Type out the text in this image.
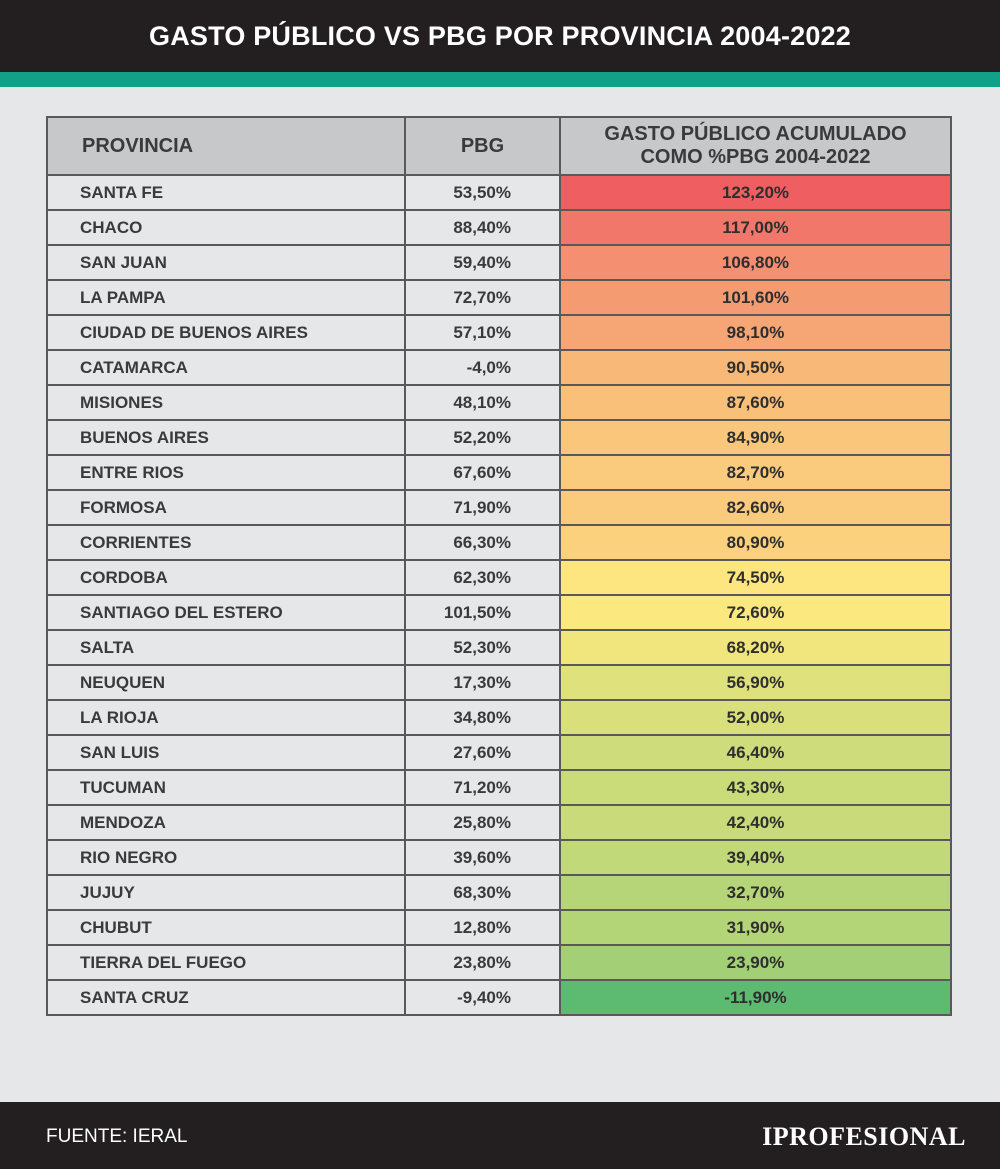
GASTO PÚBLICO VS PBG POR PROVINCIA 2004-2022
PROVINCIA	PBG	GASTO PÚBLICO ACUMULADO
COMO %PBG 2004-2022

SANTA FE	53,50%	123,20%

CHACO	88,40%	117,00%

SAN JUAN	59,40%	106,80%

LA PAMPA	72,70%	101,60%

CIUDAD DE BUENOS AIRES	57,10%	98,10%

CATAMARCA	-4,0%	90,50%

MISIONES	48,10%	87,60%

BUENOS AIRES	52,20%	84,90%

ENTRE RIOS	67,60%	82,70%

FORMOSA	71,90%	82,60%

CORRIENTES	66,30%	80,90%

CORDOBA	62,30%	74,50%

SANTIAGO DEL ESTERO	101,50%	72,60%

SALTA	52,30%	68,20%

NEUQUEN	17,30%	56,90%

LA RIOJA	34,80%	52,00%

SAN LUIS	27,60%	46,40%

TUCUMAN	71,20%	43,30%

MENDOZA	25,80%	42,40%

RIO NEGRO	39,60%	39,40%

JUJUY	68,30%	32,70%

CHUBUT	12,80%	31,90%

TIERRA DEL FUEGO	23,80%	23,90%

SANTA CRUZ	-9,40%	-11,90%
FUENTE: IERAL	IPROFESIONAL
